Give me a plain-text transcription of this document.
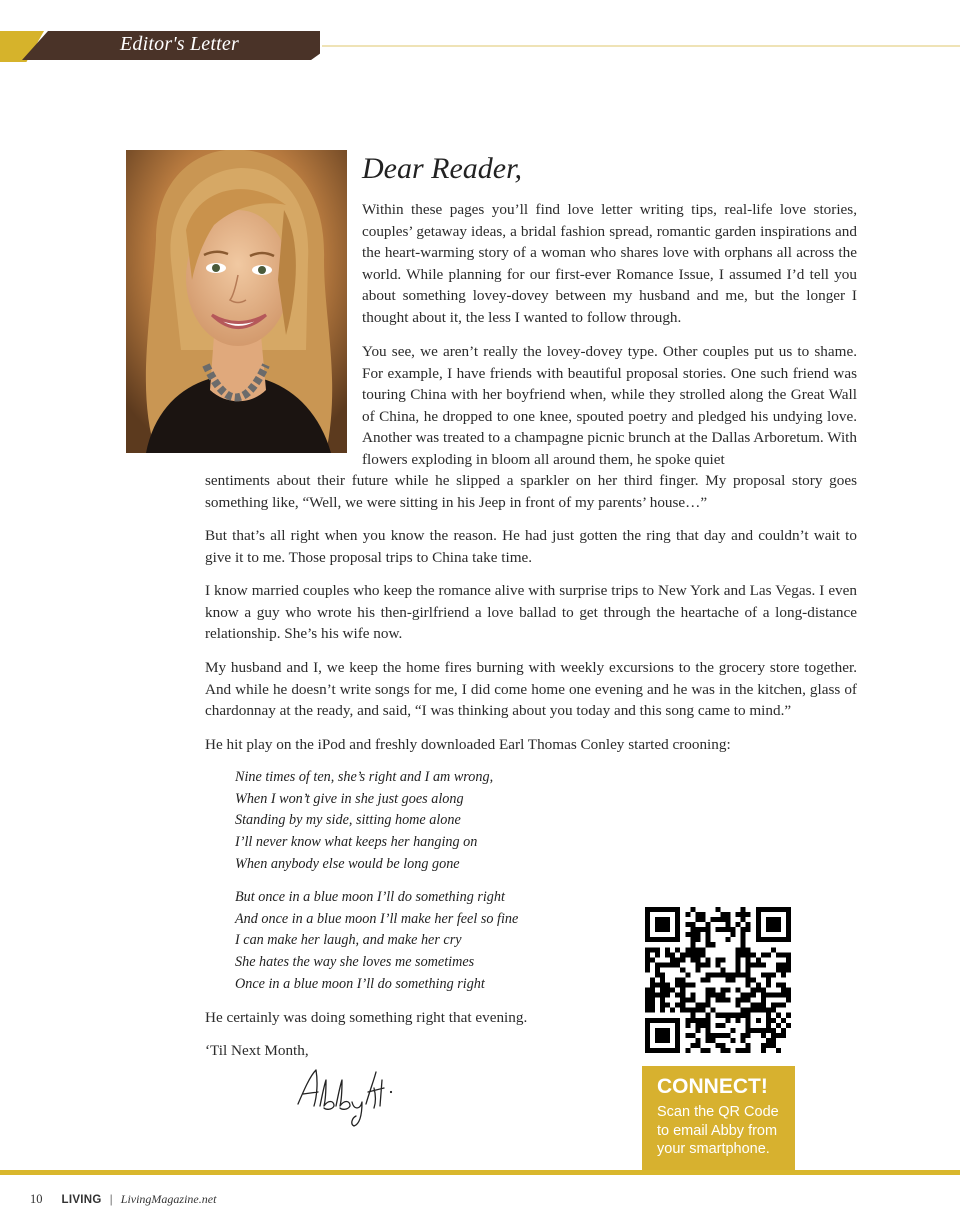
Editor's Letter
Dear Reader,

Within these pages you’ll find love letter writing tips, real-life love stories, couples’ getaway ideas, a bridal fashion spread, romantic garden inspirations and the heart-warming story of a woman who shares love with orphans all across the world. While planning for our first-ever Romance Issue, I assumed I’d tell you about something lovey-dovey between my husband and me, but the longer I thought about it, the less I wanted to follow through.

You see, we aren’t really the lovey-dovey type. Other couples put us to shame. For example, I have friends with beautiful proposal stories. One such friend was touring China with her boyfriend when, while they strolled along the Great Wall of China, he dropped to one knee, spouted poetry and pledged his undying love. Another was treated to a champagne picnic brunch at the Dallas Arboretum. With flowers exploding in bloom all around them, he spoke quiet

sentiments about their future while he slipped a sparkler on her third finger. My proposal story goes something like, “Well, we were sitting in his Jeep in front of my parents’ house…”

But that’s all right when you know the reason. He had just gotten the ring that day and couldn’t wait to give it to me. Those proposal trips to China take time.

I know married couples who keep the romance alive with surprise trips to New York and Las Vegas. I even know a guy who wrote his then-girlfriend a love ballad to get through the heartache of a long-distance relationship. She’s his wife now.

My husband and I, we keep the home fires burning with weekly excursions to the grocery store together. And while he doesn’t write songs for me, I did come home one evening and he was in the kitchen, glass of chardonnay at the ready, and said, “I was thinking about you today and this song came to mind.”

He hit play on the iPod and freshly downloaded Earl Thomas Conley started crooning:

Nine times of ten, she’s right and I am wrong,
When I won’t give in she just goes along
Standing by my side, sitting home alone
I’ll never know what keeps her hanging on
When anybody else would be long gone
But once in a blue moon I’ll do something right
And once in a blue moon I’ll make her feel so fine
I can make her laugh, and make her cry
She hates the way she loves me sometimes
Once in a blue moon I’ll do something right

He certainly was doing something right that evening.

‘Til Next Month,

CONNECT!
Scan the QR Code to email Abby from your smartphone.
10 LIVING | LivingMagazine.net
